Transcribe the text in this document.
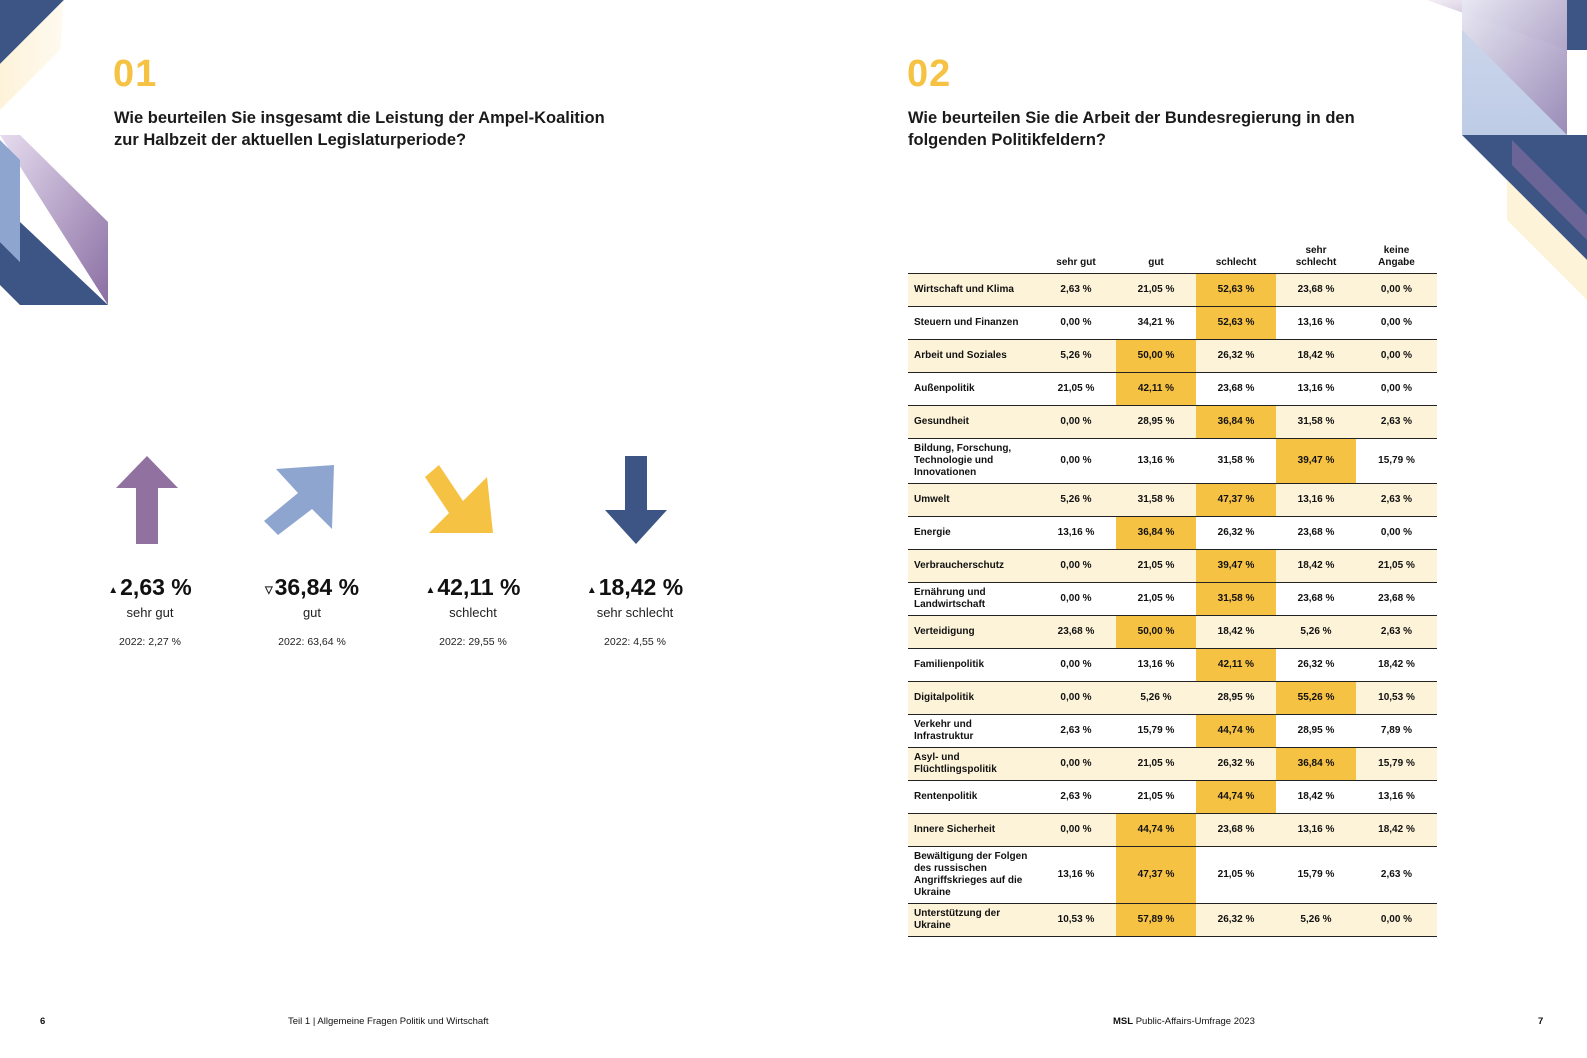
01
Wie beurteilen Sie insgesamt die Leistung der Ampel-Koalition
zur Halbzeit der aktuellen Legislaturperiode?
▲2,63 %
sehr gut
2022: 2,27 %
▽36,84 %
gut
2022: 63,64 %
▲42,11 %
schlecht
2022: 29,55 %
▲18,42 %
sehr schlecht
2022: 4,55 %
02
Wie beurteilen Sie die Arbeit der Bundesregierung in den
folgenden Politikfeldern?
	sehr gut	gut	schlecht	sehr schlecht	keine Angabe
Wirtschaft und Klima	2,63 %	21,05 %	52,63 %	23,68 %	0,00 %
Steuern und Finanzen	0,00 %	34,21 %	52,63 %	13,16 %	0,00 %
Arbeit und Soziales	5,26 %	50,00 %	26,32 %	18,42 %	0,00 %
Außenpolitik	21,05 %	42,11 %	23,68 %	13,16 %	0,00 %
Gesundheit	0,00 %	28,95 %	36,84 %	31,58 %	2,63 %
Bildung, Forschung, Technologie und Innovationen	0,00 %	13,16 %	31,58 %	39,47 %	15,79 %
Umwelt	5,26 %	31,58 %	47,37 %	13,16 %	2,63 %
Energie	13,16 %	36,84 %	26,32 %	23,68 %	0,00 %
Verbraucherschutz	0,00 %	21,05 %	39,47 %	18,42 %	21,05 %
Ernährung und Landwirtschaft	0,00 %	21,05 %	31,58 %	23,68 %	23,68 %
Verteidigung	23,68 %	50,00 %	18,42 %	5,26 %	2,63 %
Familienpolitik	0,00 %	13,16 %	42,11 %	26,32 %	18,42 %
Digitalpolitik	0,00 %	5,26 %	28,95 %	55,26 %	10,53 %
Verkehr und Infrastruktur	2,63 %	15,79 %	44,74 %	28,95 %	7,89 %
Asyl- und Flüchtlingspolitik	0,00 %	21,05 %	26,32 %	36,84 %	15,79 %
Rentenpolitik	2,63 %	21,05 %	44,74 %	18,42 %	13,16 %
Innere Sicherheit	0,00 %	44,74 %	23,68 %	13,16 %	18,42 %
Bewältigung der Folgen des russischen Angriffskrieges auf die Ukraine	13,16 %	47,37 %	21,05 %	15,79 %	2,63 %
Unterstützung der Ukraine	10,53 %	57,89 %	26,32 %	5,26 %	0,00 %
6	Teil 1 | Allgemeine Fragen Politik und Wirtschaft	MSL Public-Affairs-Umfrage 2023	7
